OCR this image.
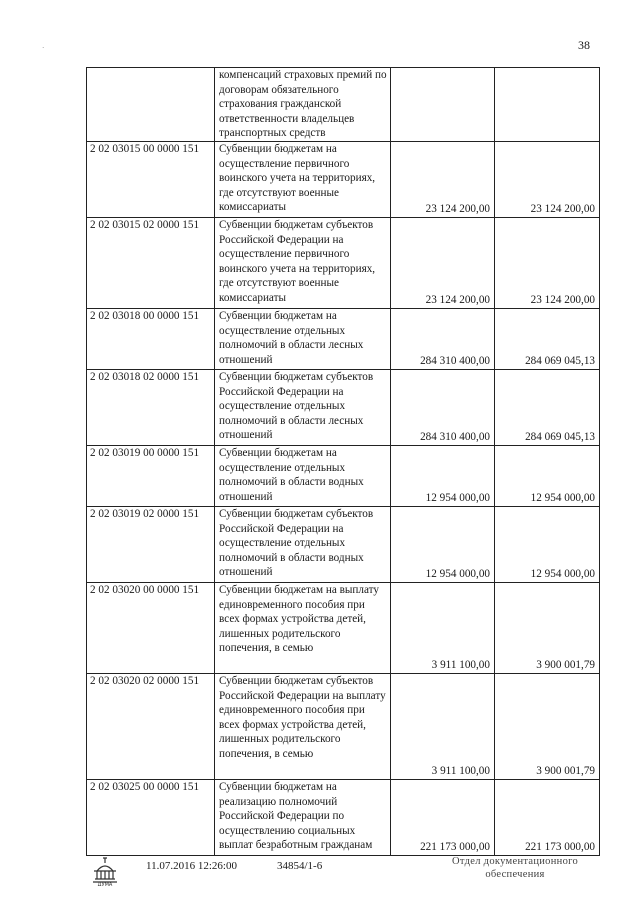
38
·
	компенсаций страховых премий по договорам обязательного страхования гражданской ответственности владельцев транспортных средств		
2 02 03015 00 0000 151	Субвенции бюджетам на осуществление первичного воинского учета на территориях, где отсутствуют военные комиссариаты	23 124 200,00	23 124 200,00
2 02 03015 02 0000 151	Субвенции бюджетам субъектов Российской Федерации на осуществление первичного воинского учета на территориях, где отсутствуют военные комиссариаты	23 124 200,00	23 124 200,00
2 02 03018 00 0000 151	Субвенции бюджетам на осуществление отдельных полномочий в области лесных отношений	284 310 400,00	284 069 045,13
2 02 03018 02 0000 151	Субвенции бюджетам субъектов Российской Федерации на осуществление отдельных полномочий в области лесных отношений	284 310 400,00	284 069 045,13
2 02 03019 00 0000 151	Субвенции бюджетам на осуществление отдельных полномочий в области водных отношений	12 954 000,00	12 954 000,00
2 02 03019 02 0000 151	Субвенции бюджетам субъектов Российской Федерации на осуществление отдельных полномочий в области водных отношений	12 954 000,00	12 954 000,00
2 02 03020 00 0000 151	Субвенции бюджетам на выплату единовременного пособия при всех формах устройства детей, лишенных родительского попечения, в семью	3 911 100,00	3 900 001,79
2 02 03020 02 0000 151	Субвенции бюджетам субъектов Российской Федерации на выплату единовременного пособия при всех формах устройства детей, лишенных родительского попечения, в семью	3 911 100,00	3 900 001,79
2 02 03025 00 0000 151	Субвенции бюджетам на реализацию полномочий Российской Федерации по осуществлению социальных выплат безработным гражданам	221 173 000,00	221 173 000,00
ДУМА
11.07.2016 12:26:00	34854/1-6	Отдел документационного
обеспечения
